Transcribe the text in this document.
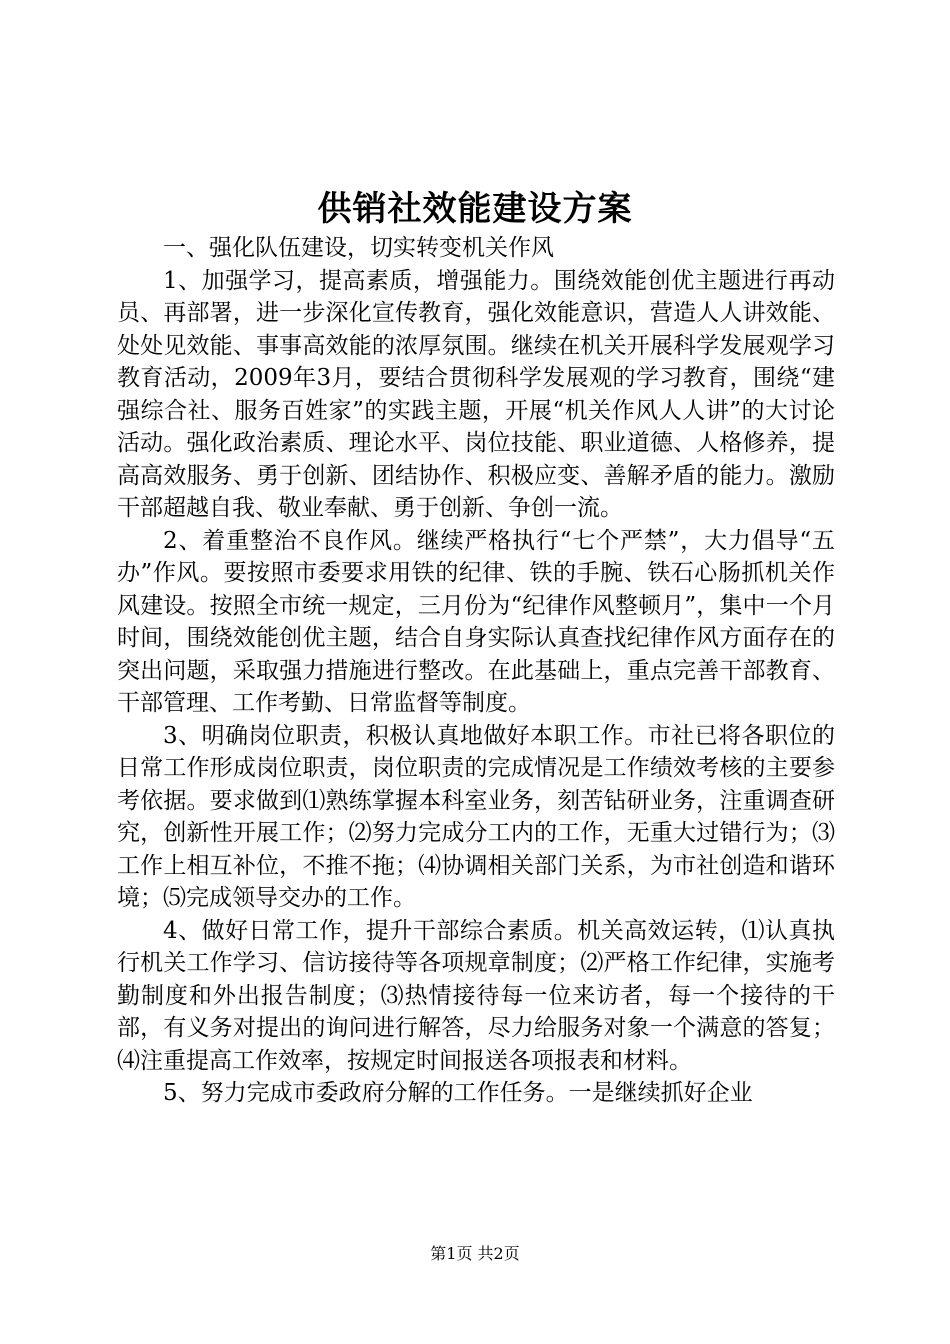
供销社效能建设方案

一、强化队伍建设，切实转变机关作风

1、加强学习，提高素质，增强能力。围绕效能创优主题进行再动员、再部署，进一步深化宣传教育，强化效能意识，营造人人讲效能、处处见效能、事事高效能的浓厚氛围。继续在机关开展科学发展观学习教育活动，2009年3月，要结合贯彻科学发展观的学习教育，围绕“建强综合社、服务百姓家”的实践主题，开展“机关作风人人讲”的大讨论活动。强化政治素质、理论水平、岗位技能、职业道德、人格修养，提高高效服务、勇于创新、团结协作、积极应变、善解矛盾的能力。激励干部超越自我、敬业奉献、勇于创新、争创一流。

2、着重整治不良作风。继续严格执行“七个严禁”，大力倡导“五办”作风。要按照市委要求用铁的纪律、铁的手腕、铁石心肠抓机关作风建设。按照全市统一规定，三月份为“纪律作风整顿月”，集中一个月时间，围绕效能创优主题，结合自身实际认真查找纪律作风方面存在的突出问题，采取强力措施进行整改。在此基础上，重点完善干部教育、干部管理、工作考勤、日常监督等制度。

3、明确岗位职责，积极认真地做好本职工作。市社已将各职位的日常工作形成岗位职责，岗位职责的完成情况是工作绩效考核的主要参考依据。要求做到⑴熟练掌握本科室业务，刻苦钻研业务，注重调查研究，创新性开展工作；⑵努力完成分工内的工作，无重大过错行为；⑶工作上相互补位，不推不拖；⑷协调相关部门关系，为市社创造和谐环境；⑸完成领导交办的工作。

4、做好日常工作，提升干部综合素质。机关高效运转，⑴认真执行机关工作学习、信访接待等各项规章制度；⑵严格工作纪律，实施考勤制度和外出报告制度；⑶热情接待每一位来访者，每一个接待的干部，有义务对提出的询问进行解答，尽力给服务对象一个满意的答复；⑷注重提高工作效率，按规定时间报送各项报表和材料。

5、努力完成市委政府分解的工作任务。一是继续抓好企业

第1页 共2页
